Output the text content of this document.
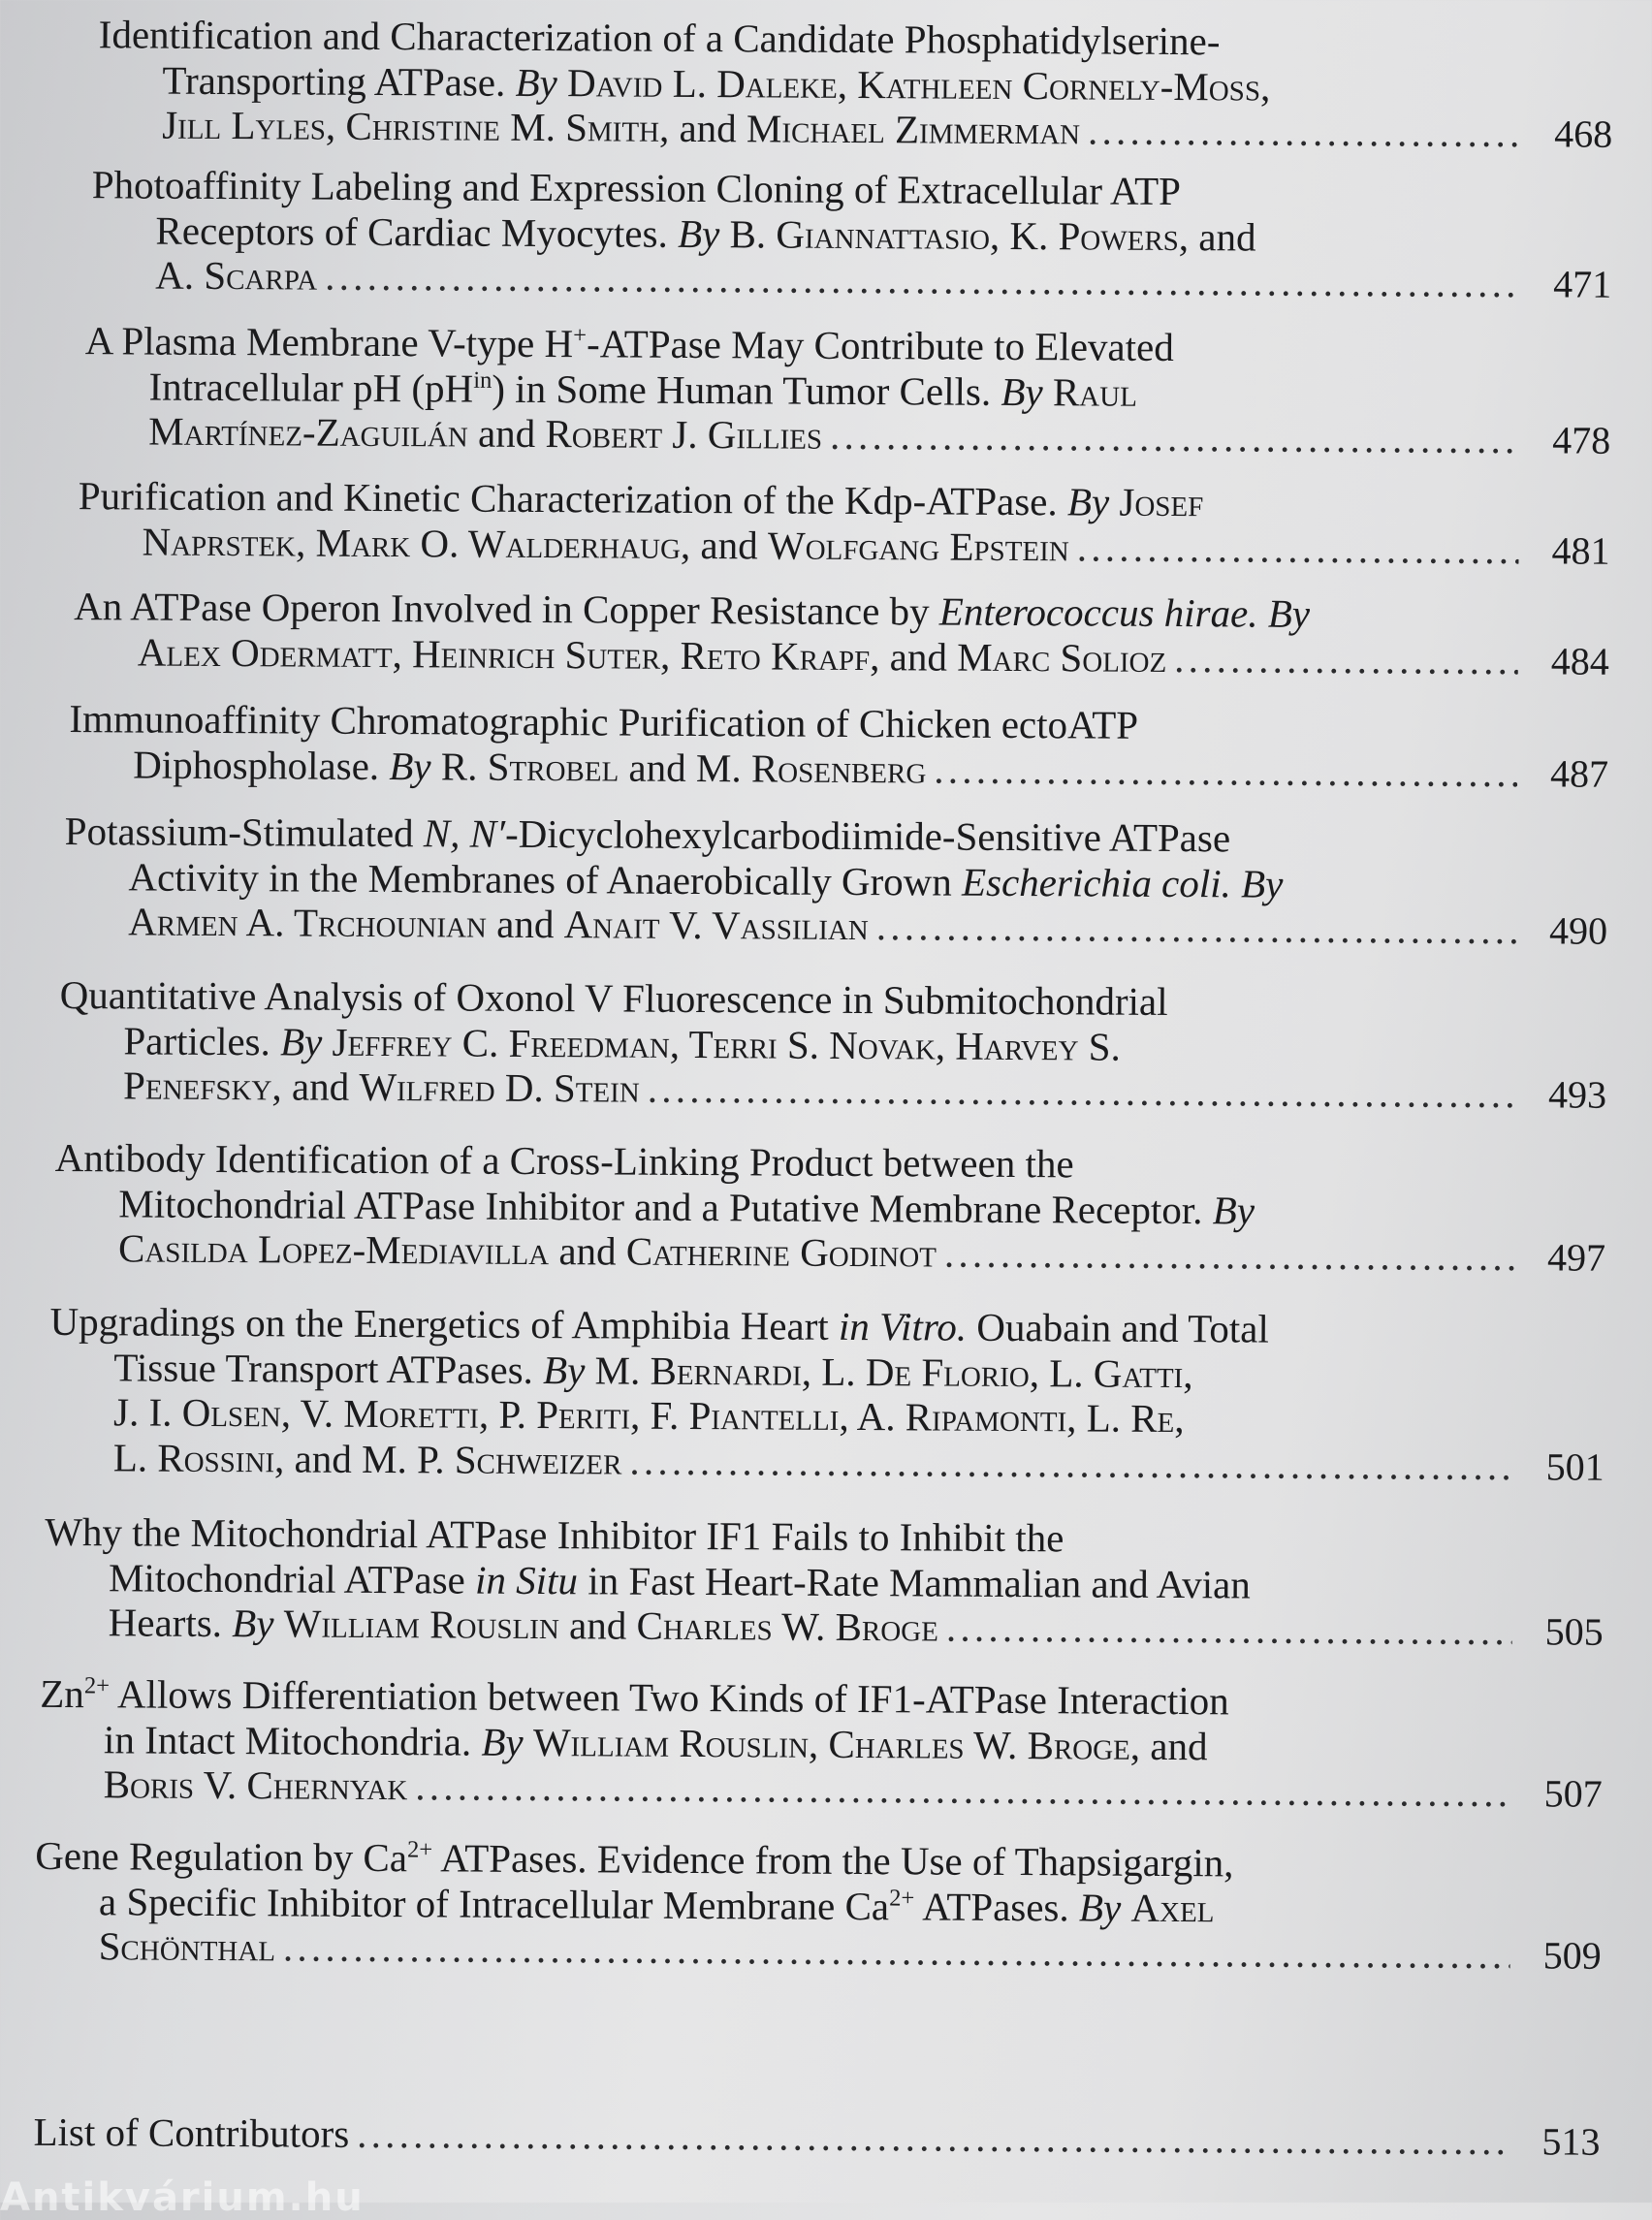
Identification and Characterization of a Candidate Phosphatidylserine-
Transporting ATPase. By David L. Daleke, Kathleen Cornely-Moss,
Jill Lyles, Christine M. Smith, and Michael Zimmerman . . .	468
Photoaffinity Labeling and Expression Cloning of Extracellular ATP
Receptors of Cardiac Myocytes. By B. Giannattasio, K. Powers, and
A. Scarpa . . .	471
A Plasma Membrane V-type H+-ATPase May Contribute to Elevated
Intracellular pH $(pH^{in})$ in Some Human Tumor Cells. By Raul
Martínez-Zaguilán and Robert J. Gillies . . .	478
Purification and Kinetic Characterization of the Kdp-ATPase. By Josef
Naprstek, Mark O. Walderhaug, and Wolfgang Epstein . . .	481
An ATPase Operon Involved in Copper Resistance by Enterococcus hirae. By
Alex Odermatt, Heinrich Suter, Reto Krapf, and Marc Solioz . . .	484
Immunoaffinity Chromatographic Purification of Chicken ectoATP
Diphospholase. By R. Strobel and M. Rosenberg . . .	487
Potassium-Stimulated N, N′-Dicyclohexylcarbodiimide-Sensitive ATPase
Activity in the Membranes of Anaerobically Grown Escherichia coli. By
Armen A. Trchounian and Anait V. Vassilian . . .	490
Quantitative Analysis of Oxonol V Fluorescence in Submitochondrial
Particles. By Jeffrey C. Freedman, Terri S. Novak, Harvey S.
Penefsky, and Wilfred D. Stein . . .	493
Antibody Identification of a Cross-Linking Product between the
Mitochondrial ATPase Inhibitor and a Putative Membrane Receptor. By
Casilda Lopez-Mediavilla and Catherine Godinot . . .	497
Upgradings on the Energetics of Amphibia Heart in Vitro. Ouabain and Total
Tissue Transport ATPases. By M. Bernardi, L. De Florio, L. Gatti,
J. I. Olsen, V. Moretti, P. Periti, F. Piantelli, A. Ripamonti, L. Re,
L. Rossini, and M. P. Schweizer . . .	501
Why the Mitochondrial ATPase Inhibitor IF1 Fails to Inhibit the
Mitochondrial ATPase in Situ in Fast Heart-Rate Mammalian and Avian
Hearts. By William Rouslin and Charles W. Broge . . .	505
$Zn^{2+}$ Allows Differentiation between Two Kinds of IF1-ATPase Interaction
in Intact Mitochondria. By William Rouslin, Charles W. Broge, and
Boris V. Chernyak . . .	507
Gene Regulation by $Ca^{2+}$ ATPases. Evidence from the Use of Thapsigargin,
a Specific Inhibitor of Intracellular Membrane $Ca^{2+}$ ATPases. By Axel
Schönthal . . .	509
List of Contributors . . .	513
Antikvárium.hu
